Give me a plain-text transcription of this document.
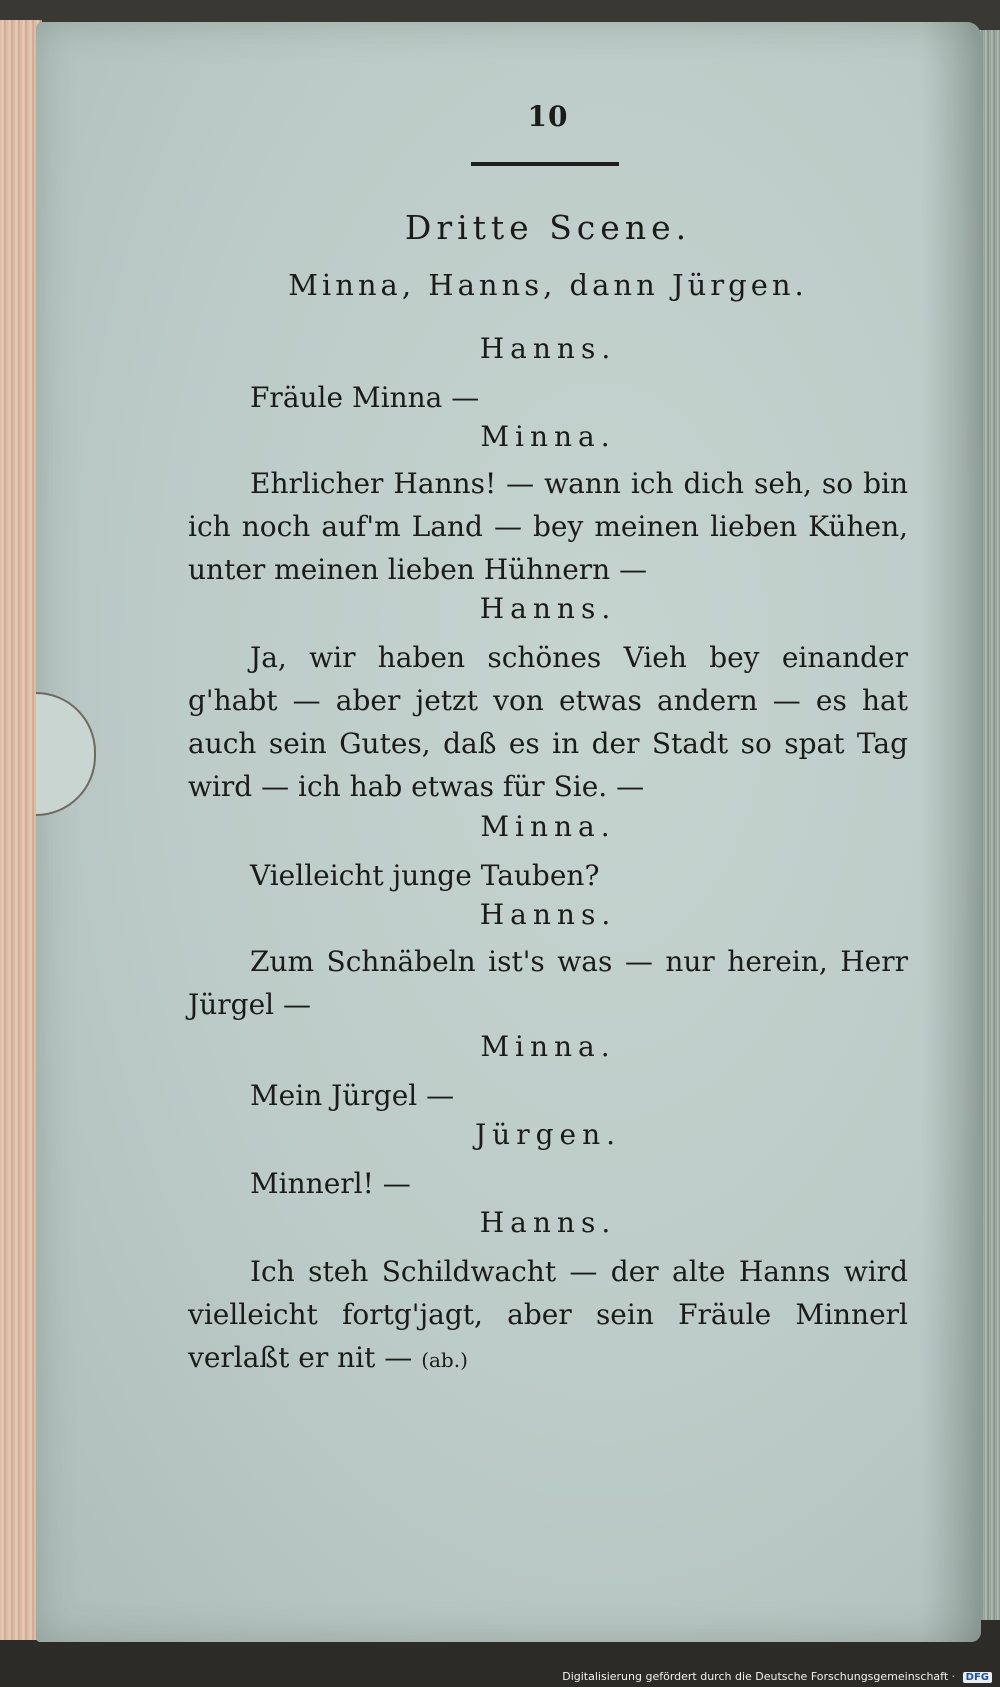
10
Dritte Scene.
Minna, Hanns, dann Jürgen.
Hanns.
Fräule Minna —
Minna.
Ehrlicher Hanns! — wann ich dich seh, so bin ich noch auf'm Land — bey meinen lieben Kühen, unter meinen lieben Hühnern —
Hanns.
Ja, wir haben schönes Vieh bey einander g'habt — aber jetzt von etwas andern — es hat auch sein Gutes, daß es in der Stadt so spat Tag wird — ich hab etwas für Sie. —
Minna.
Vielleicht junge Tauben?
Hanns.
Zum Schnäbeln ist's was — nur herein, Herr Jürgel —
Minna.
Mein Jürgel —
Jürgen.
Minnerl! —
Hanns.
Ich steh Schildwacht — der alte Hanns wird vielleicht fortg'jagt, aber sein Fräule Minnerl verlaßt er nit — (ab.)
Digitalisierung gefördert durch die Deutsche Forschungsgemeinschaft · DFG
